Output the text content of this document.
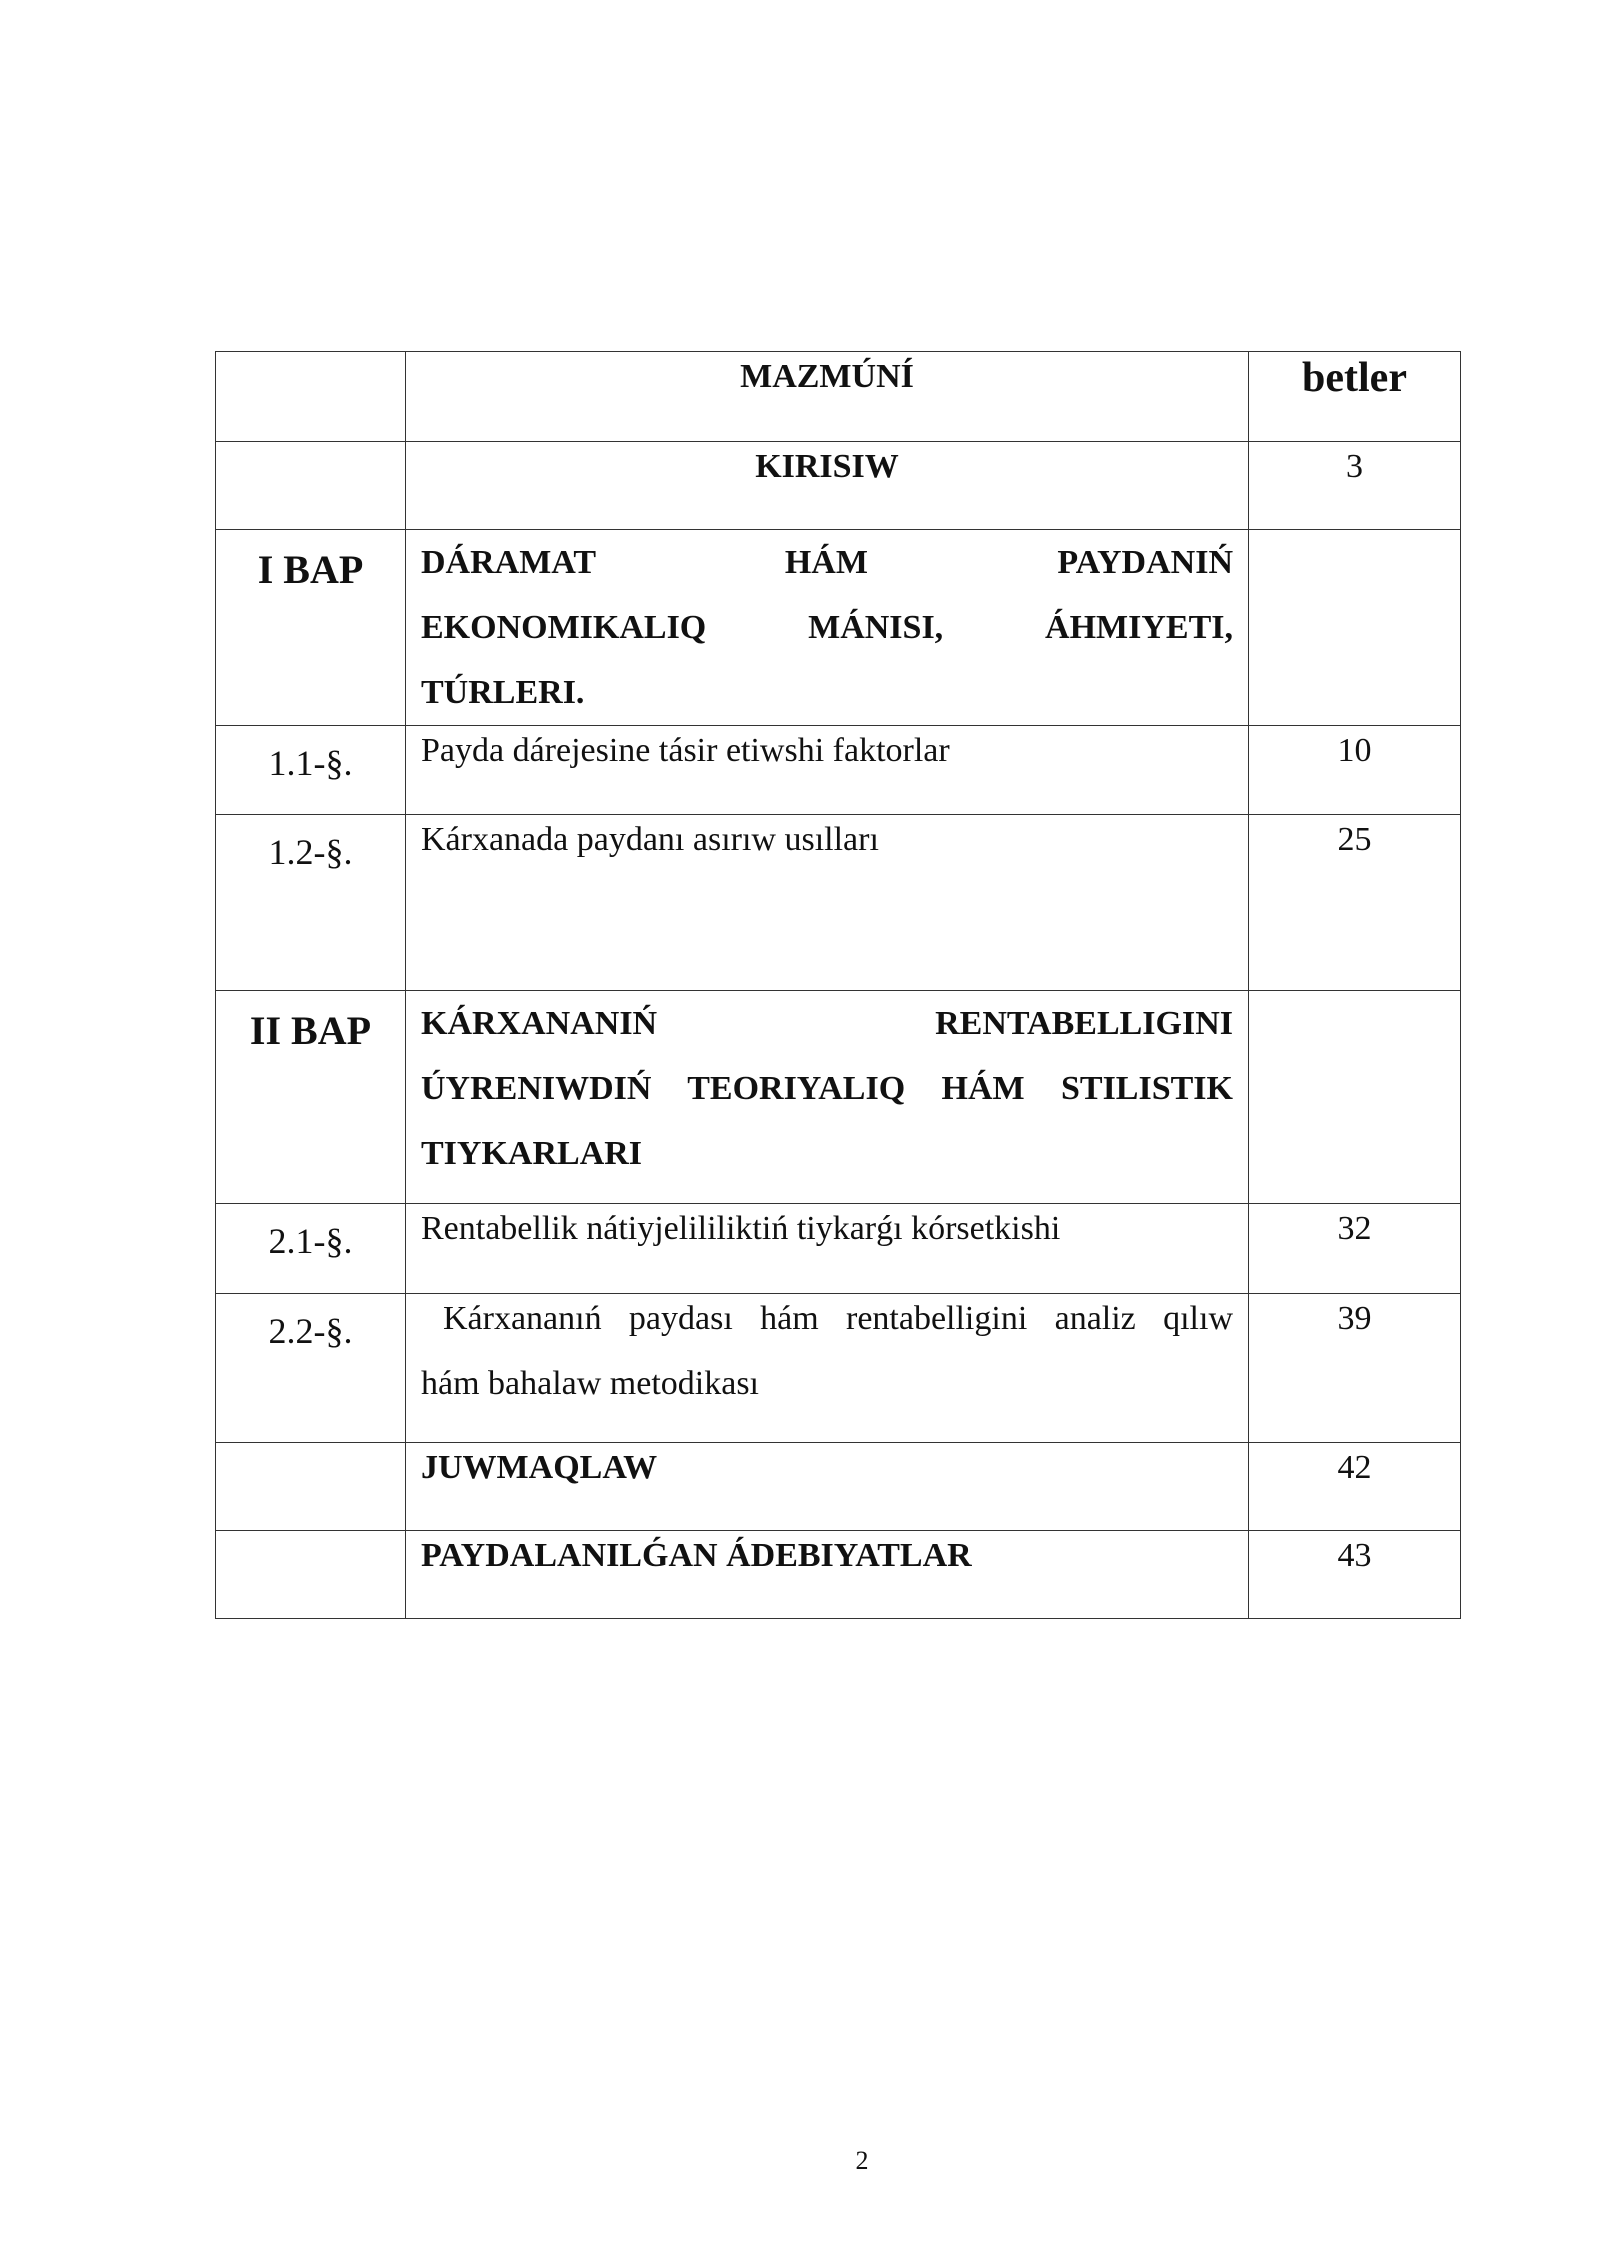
	MAZMÚNÍ	betler
	KIRISIW	3
I BAP	DÁRAMAT HÁM PAYDANIŃ
EKONOMIKALIQ MÁNISI, ÁHMIYETI,
TÚRLERI.	

1.1-§.	Payda dárejesine tásir etiwshi faktorlar	10
1.2-§.	Kárxanada paydanı asırıw usılları	25
II BAP	KÁRXANANIŃ RENTABELLIGINI
ÚYRENIWDIŃ TEORIYALIQ HÁM STILISTIK
TIYKARLARI	

2.1-§.	Rentabellik nátiyjelililiktiń tiykarǵı kórsetkishi	32
2.2-§.	Kárxananıń paydası hám rentabelligini analiz qılıw
hám bahalaw metodikası	39
	JUWMAQLAW	42
	PAYDALANILǴAN ÁDEBIYATLAR	43
2
